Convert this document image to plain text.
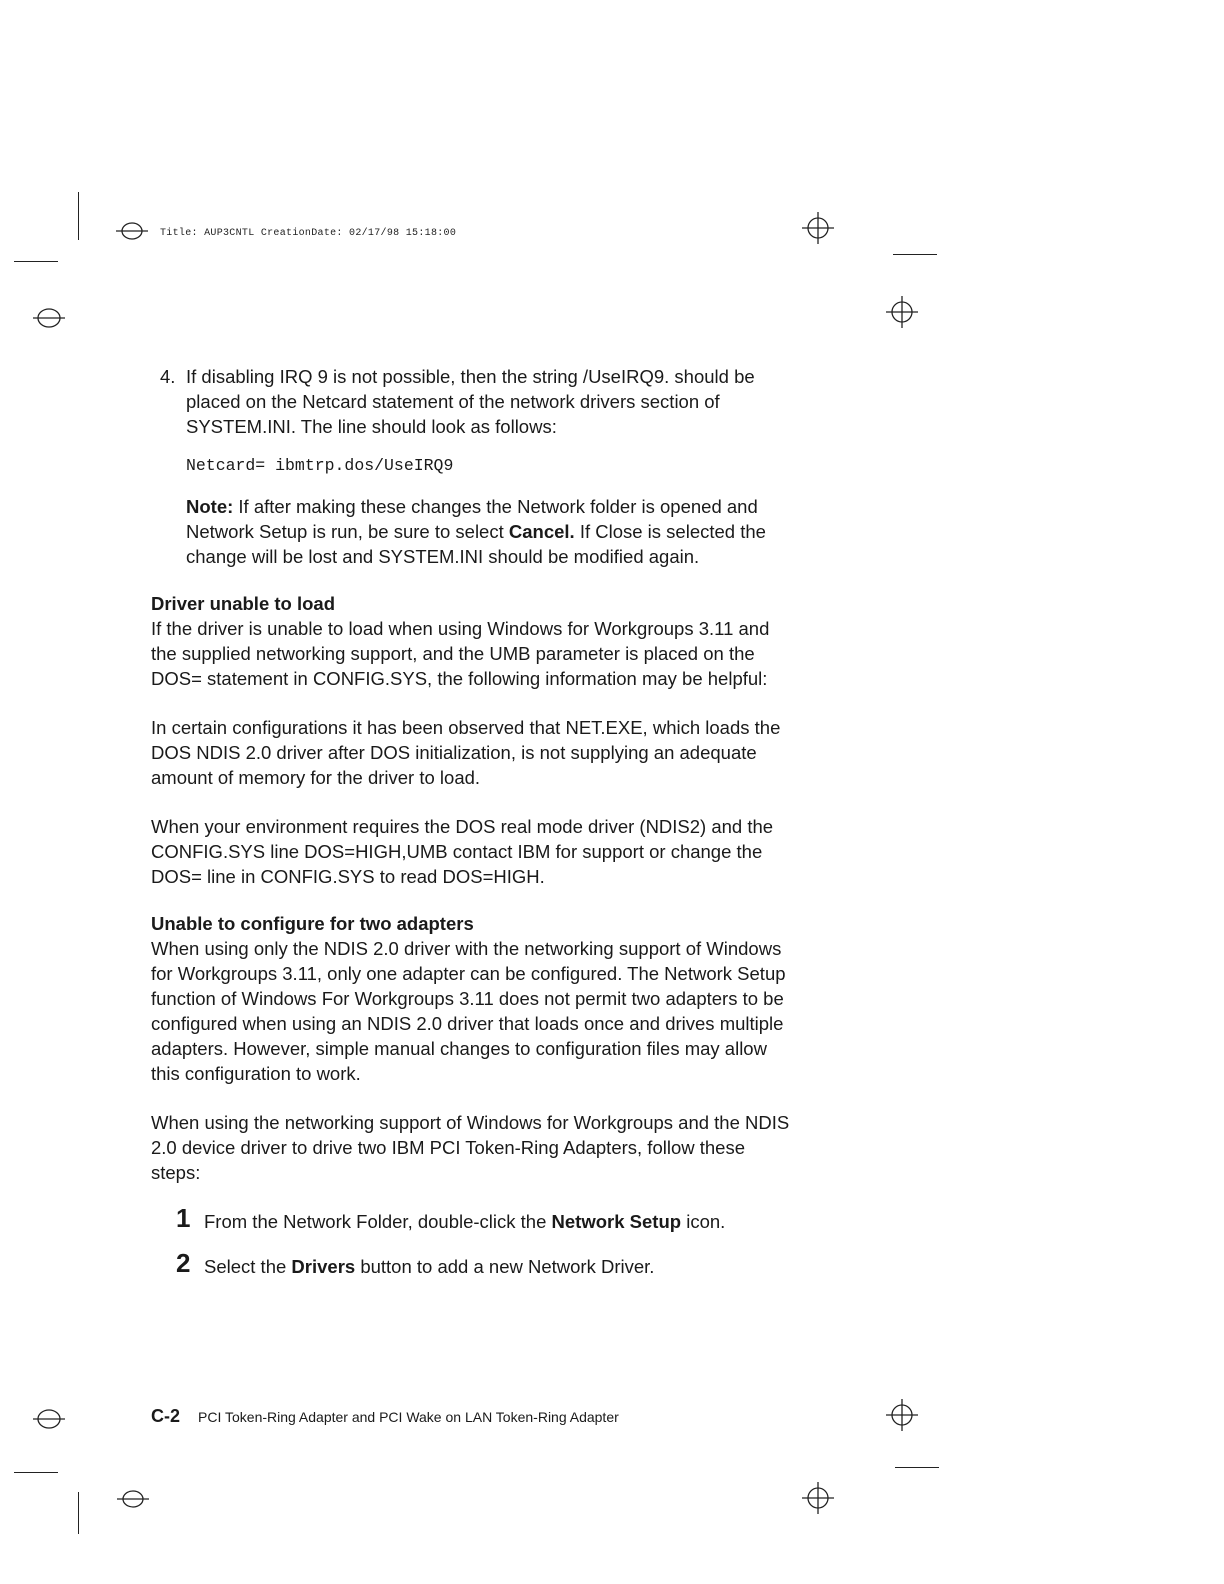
Title: AUP3CNTL CreationDate: 02/17/98 15:18:00
4. If disabling IRQ 9 is not possible, then the string /UseIRQ9. should be placed on the Netcard statement of the network drivers section of SYSTEM.INI. The line should look as follows:
Netcard= ibmtrp.dos/UseIRQ9
Note: If after making these changes the Network folder is opened and Network Setup is run, be sure to select Cancel. If Close is selected the change will be lost and SYSTEM.INI should be modified again.
Driver unable to load

If the driver is unable to load when using Windows for Workgroups 3.11 and the supplied networking support, and the UMB parameter is placed on the DOS= statement in CONFIG.SYS, the following information may be helpful:

In certain configurations it has been observed that NET.EXE, which loads the DOS NDIS 2.0 driver after DOS initialization, is not supplying an adequate amount of memory for the driver to load.

When your environment requires the DOS real mode driver (NDIS2) and the CONFIG.SYS line DOS=HIGH,UMB contact IBM for support or change the DOS= line in CONFIG.SYS to read DOS=HIGH.

Unable to configure for two adapters

When using only the NDIS 2.0 driver with the networking support of Windows for Workgroups 3.11, only one adapter can be configured. The Network Setup function of Windows For Workgroups 3.11 does not permit two adapters to be configured when using an NDIS 2.0 driver that loads once and drives multiple adapters. However, simple manual changes to configuration files may allow this configuration to work.

When using the networking support of Windows for Workgroups and the NDIS 2.0 device driver to drive two IBM PCI Token-Ring Adapters, follow these steps:

1 From the Network Folder, double-click the Network Setup icon.
2 Select the Drivers button to add a new Network Driver.
C-2 PCI Token-Ring Adapter and PCI Wake on LAN Token-Ring Adapter
